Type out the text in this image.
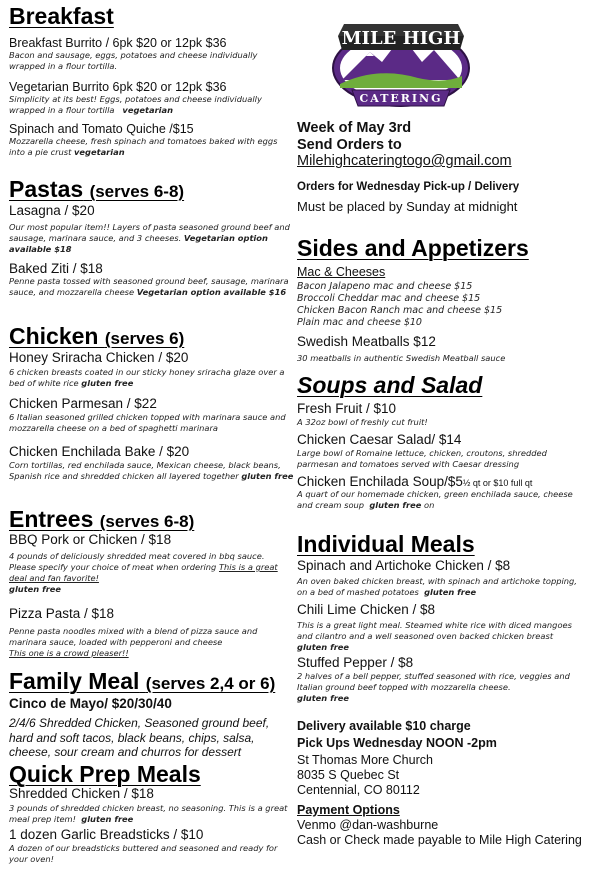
Breakfast

Breakfast Burrito / 6pk $20 or 12pk $36

Bacon and sausage, eggs, potatoes and cheese individually wrapped in a flour tortilla.

Vegetarian Burrito 6pk $20 or 12pk $36

Simplicity at its best! Eggs, potatoes and cheese individually wrapped in a flour tortilla vegetarian

Spinach and Tomato Quiche /$15

Mozzarella cheese, fresh spinach and tomatoes baked with eggs into a pie crust vegetarian

Pastas (serves 6-8)

Lasagna / $20

Our most popular item!! Layers of pasta seasoned ground beef and sausage, marinara sauce, and 3 cheeses. Vegetarian option available $18

Baked Ziti / $18

Penne pasta tossed with seasoned ground beef, sausage, marinara sauce, and mozzarella cheese Vegetarian option available $16

Chicken (serves 6)

Honey Sriracha Chicken / $20

6 chicken breasts coated in our sticky honey sriracha glaze over a bed of white rice gluten free

Chicken Parmesan / $22

6 Italian seasoned grilled chicken topped with marinara sauce and mozzarella cheese on a bed of spaghetti marinara

Chicken Enchilada Bake / $20

Corn tortillas, red enchilada sauce, Mexican cheese, black beans, Spanish rice and shredded chicken all layered together gluten free

Entrees (serves 6-8)

BBQ Pork or Chicken / $18

4 pounds of deliciously shredded meat covered in bbq sauce. Please specify your choice of meat when ordering This is a great deal and fan favorite!
gluten free

Pizza Pasta / $18

Penne pasta noodles mixed with a blend of pizza sauce and marinara sauce, loaded with pepperoni and cheese
This one is a crowd pleaser!!

Family Meal (serves 2,4 or 6)

Cinco de Mayo/ $20/30/40

2/4/6 Shredded Chicken, Seasoned ground beef, hard and soft tacos, black beans, chips, salsa, cheese, sour cream and churros for dessert

Quick Prep Meals

Shredded Chicken / $18

3 pounds of shredded chicken breast, no seasoning. This is a great meal prep item! gluten free

1 dozen Garlic Breadsticks / $10

A dozen of our breadsticks buttered and seasoned and ready for your oven!

MILE HIGH
CATERING

Week of May 3rd

Send Orders to

Milehighcateringtogo@gmail.com

Orders for Wednesday Pick-up / Delivery

Must be placed by Sunday at midnight

Sides and Appetizers

Mac & Cheeses

Bacon Jalapeno mac and cheese $15

Broccoli Cheddar mac and cheese $15

Chicken Bacon Ranch mac and cheese $15

Plain mac and cheese $10

Swedish Meatballs $12

30 meatballs in authentic Swedish Meatball sauce

Soups and Salad

Fresh Fruit / $10

A 32oz bowl of freshly cut fruit!

Chicken Caesar Salad/ $14

Large bowl of Romaine lettuce, chicken, croutons, shredded parmesan and tomatoes served with Caesar dressing

Chicken Enchilada Soup/$5½ qt or $10 full qt

A quart of our homemade chicken, green enchilada sauce, cheese and cream soup gluten free on

Individual Meals

Spinach and Artichoke Chicken / $8

An oven baked chicken breast, with spinach and artichoke topping, on a bed of mashed potatoes gluten free

Chili Lime Chicken / $8

This is a great light meal. Steamed white rice with diced mangoes and cilantro and a well seasoned oven backed chicken breast  gluten free

Stuffed Pepper / $8

2 halves of a bell pepper, stuffed seasoned with rice, veggies and Italian ground beef topped with mozzarella cheese.
gluten free

Delivery available $10 charge

Pick Ups Wednesday NOON -2pm

St Thomas More Church

8035 S Quebec St

Centennial, CO 80112

Payment Options

Venmo @dan-washburne

Cash or Check made payable to Mile High Catering
